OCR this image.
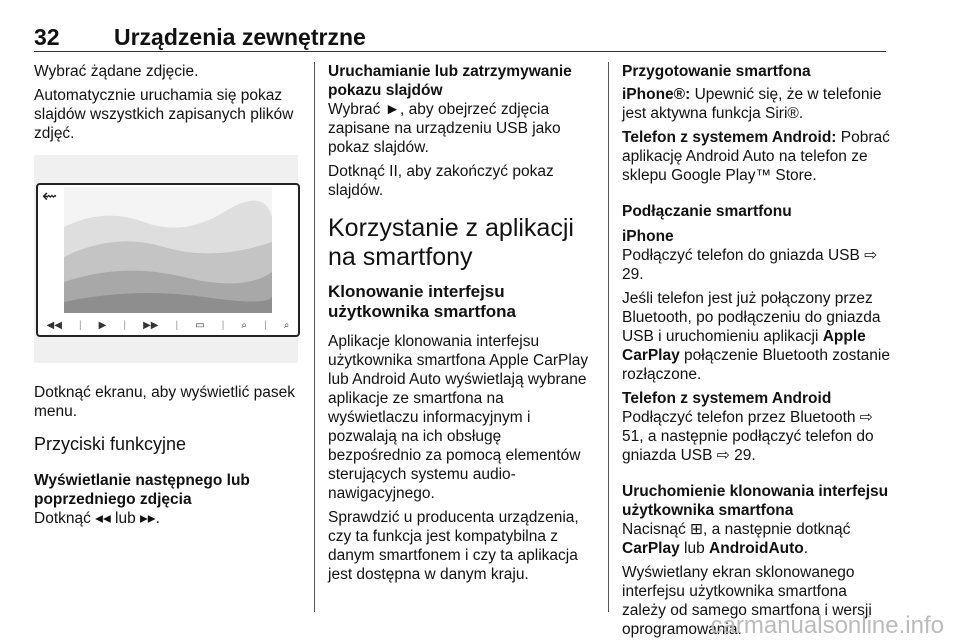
32 Urządzenia zewnętrzne

Wybrać żądane zdjęcie.

Automatycznie uruchamia się pokaz slajdów wszystkich zapisanych plików zdjęć.

⇜
◀◀ | ▶ | ▶▶ | ▭ | ⌕ | ⌕

Dotknąć ekranu, aby wyświetlić pasek menu.

Przyciski funkcyjne
Wyświetlanie następnego lub poprzedniego zdjęcia

Dotknąć ◂◂ lub ▸▸.

Uruchamianie lub zatrzymywanie pokazu slajdów

Wybrać ►, aby obejrzeć zdjęcia zapisane na urządzeniu USB jako pokaz slajdów.

Dotknąć II, aby zakończyć pokaz slajdów.

Korzystanie z aplikacji na smartfony
Klonowanie interfejsu użytkownika smartfona

Aplikacje klonowania interfejsu użytkownika smartfona Apple CarPlay lub Android Auto wyświetlają wybrane aplikacje ze smartfona na wyświetlaczu informacyjnym i pozwalają na ich obsługę bezpośrednio za pomocą elementów sterujących systemu audio-nawigacyjnego.

Sprawdzić u producenta urządzenia, czy ta funkcja jest kompatybilna z danym smartfonem i czy ta aplikacja jest dostępna w danym kraju.

Przygotowanie smartfona

iPhone®: Upewnić się, że w telefonie jest aktywna funkcja Siri®.

Telefon z systemem Android: Pobrać aplikację Android Auto na telefon ze sklepu Google Play™ Store.

Podłączanie smartfonu
iPhone

Podłączyć telefon do gniazda USB ⇨ 29.

Jeśli telefon jest już połączony przez Bluetooth, po podłączeniu do gniazda USB i uruchomieniu aplikacji Apple CarPlay połączenie Bluetooth zostanie rozłączone.

Telefon z systemem Android

Podłączyć telefon przez Bluetooth ⇨ 51, a następnie podłączyć telefon do gniazda USB ⇨ 29.

Uruchomienie klonowania interfejsu użytkownika smartfona

Nacisnąć ⊞, a następnie dotknąć CarPlay lub AndroidAuto.

Wyświetlany ekran sklonowanego interfejsu użytkownika smartfona zależy od samego smartfona i wersji oprogramowania.

carmanualsonline.info
